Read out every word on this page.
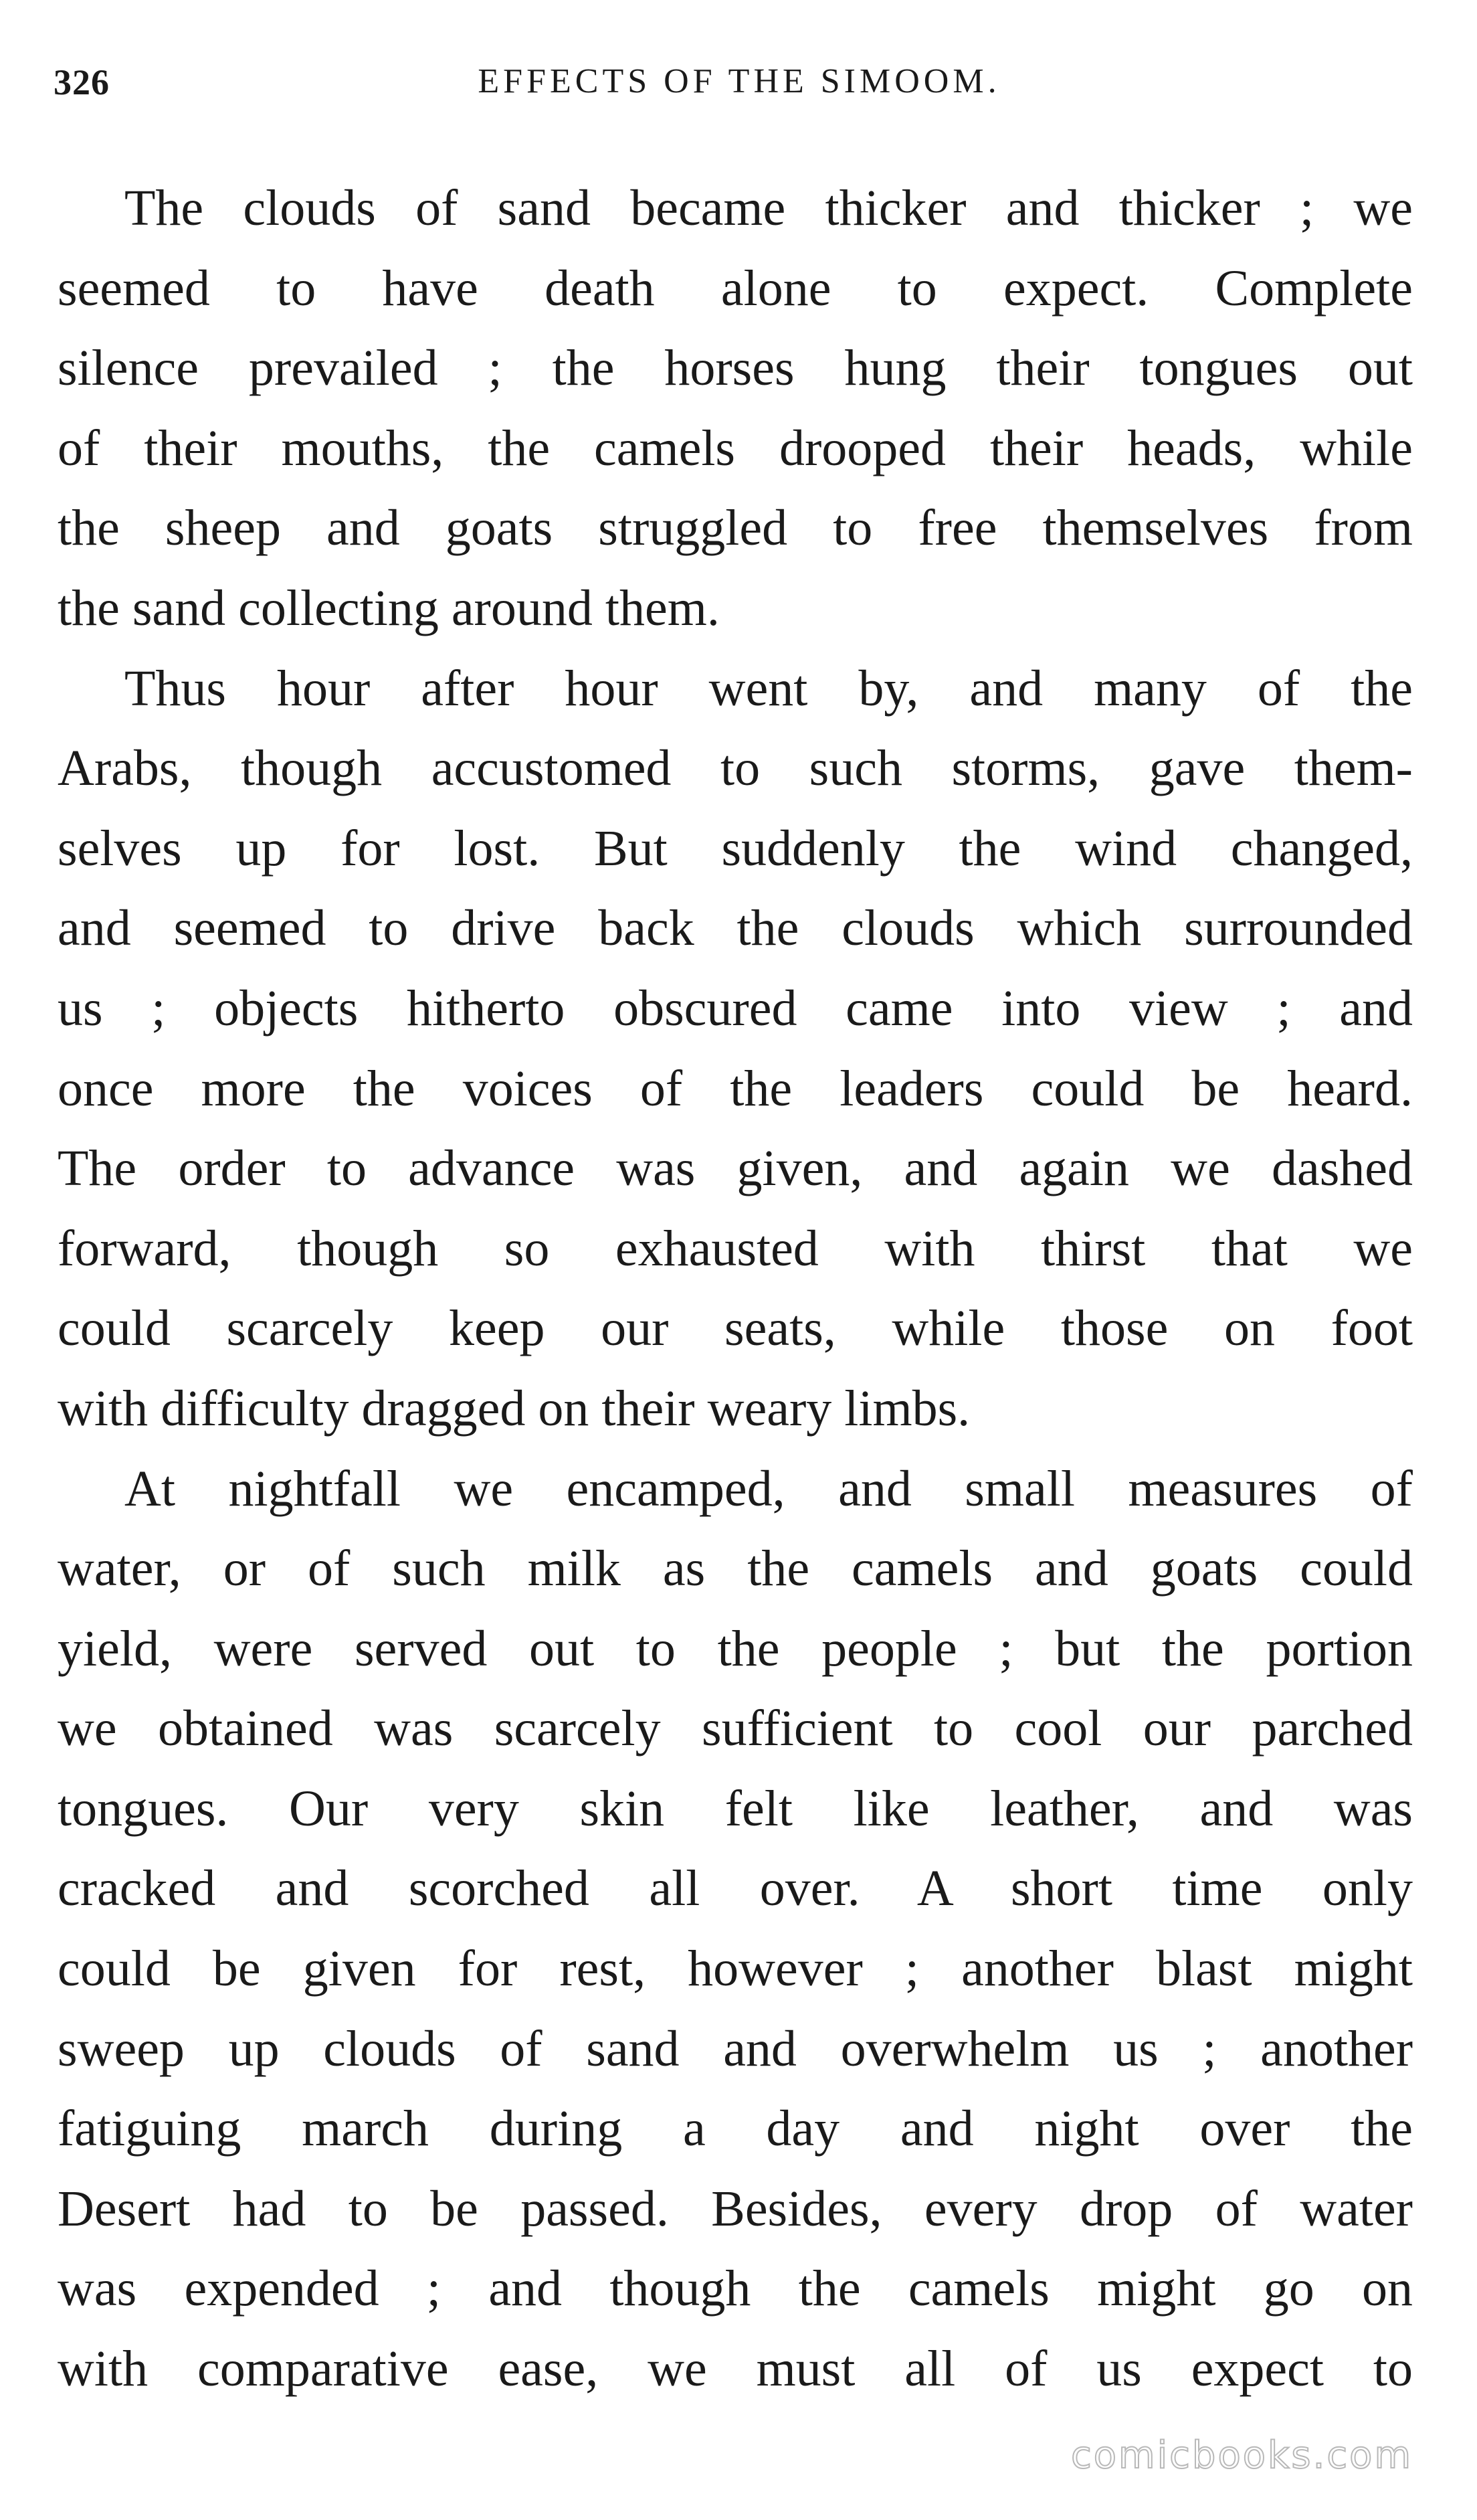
326	EFFECTS OF THE SIMOOM.
The clouds of sand became thicker and thicker ; we
seemed to have death alone to expect. Complete
silence prevailed ; the horses hung their tongues out
of their mouths, the camels drooped their heads, while
the sheep and goats struggled to free themselves from
the sand collecting around them.
Thus hour after hour went by, and many of the
Arabs, though accustomed to such storms, gave them-
selves up for lost. But suddenly the wind changed,
and seemed to drive back the clouds which surrounded
us ; objects hitherto obscured came into view ; and
once more the voices of the leaders could be heard.
The order to advance was given, and again we dashed
forward, though so exhausted with thirst that we
could scarcely keep our seats, while those on foot
with difficulty dragged on their weary limbs.
At nightfall we encamped, and small measures of
water, or of such milk as the camels and goats could
yield, were served out to the people ; but the portion
we obtained was scarcely sufficient to cool our parched
tongues. Our very skin felt like leather, and was
cracked and scorched all over. A short time only
could be given for rest, however ; another blast might
sweep up clouds of sand and overwhelm us ; another
fatiguing march during a day and night over the
Desert had to be passed. Besides, every drop of water
was expended ; and though the camels might go on
with comparative ease, we must all of us expect to
comicbooks.com
